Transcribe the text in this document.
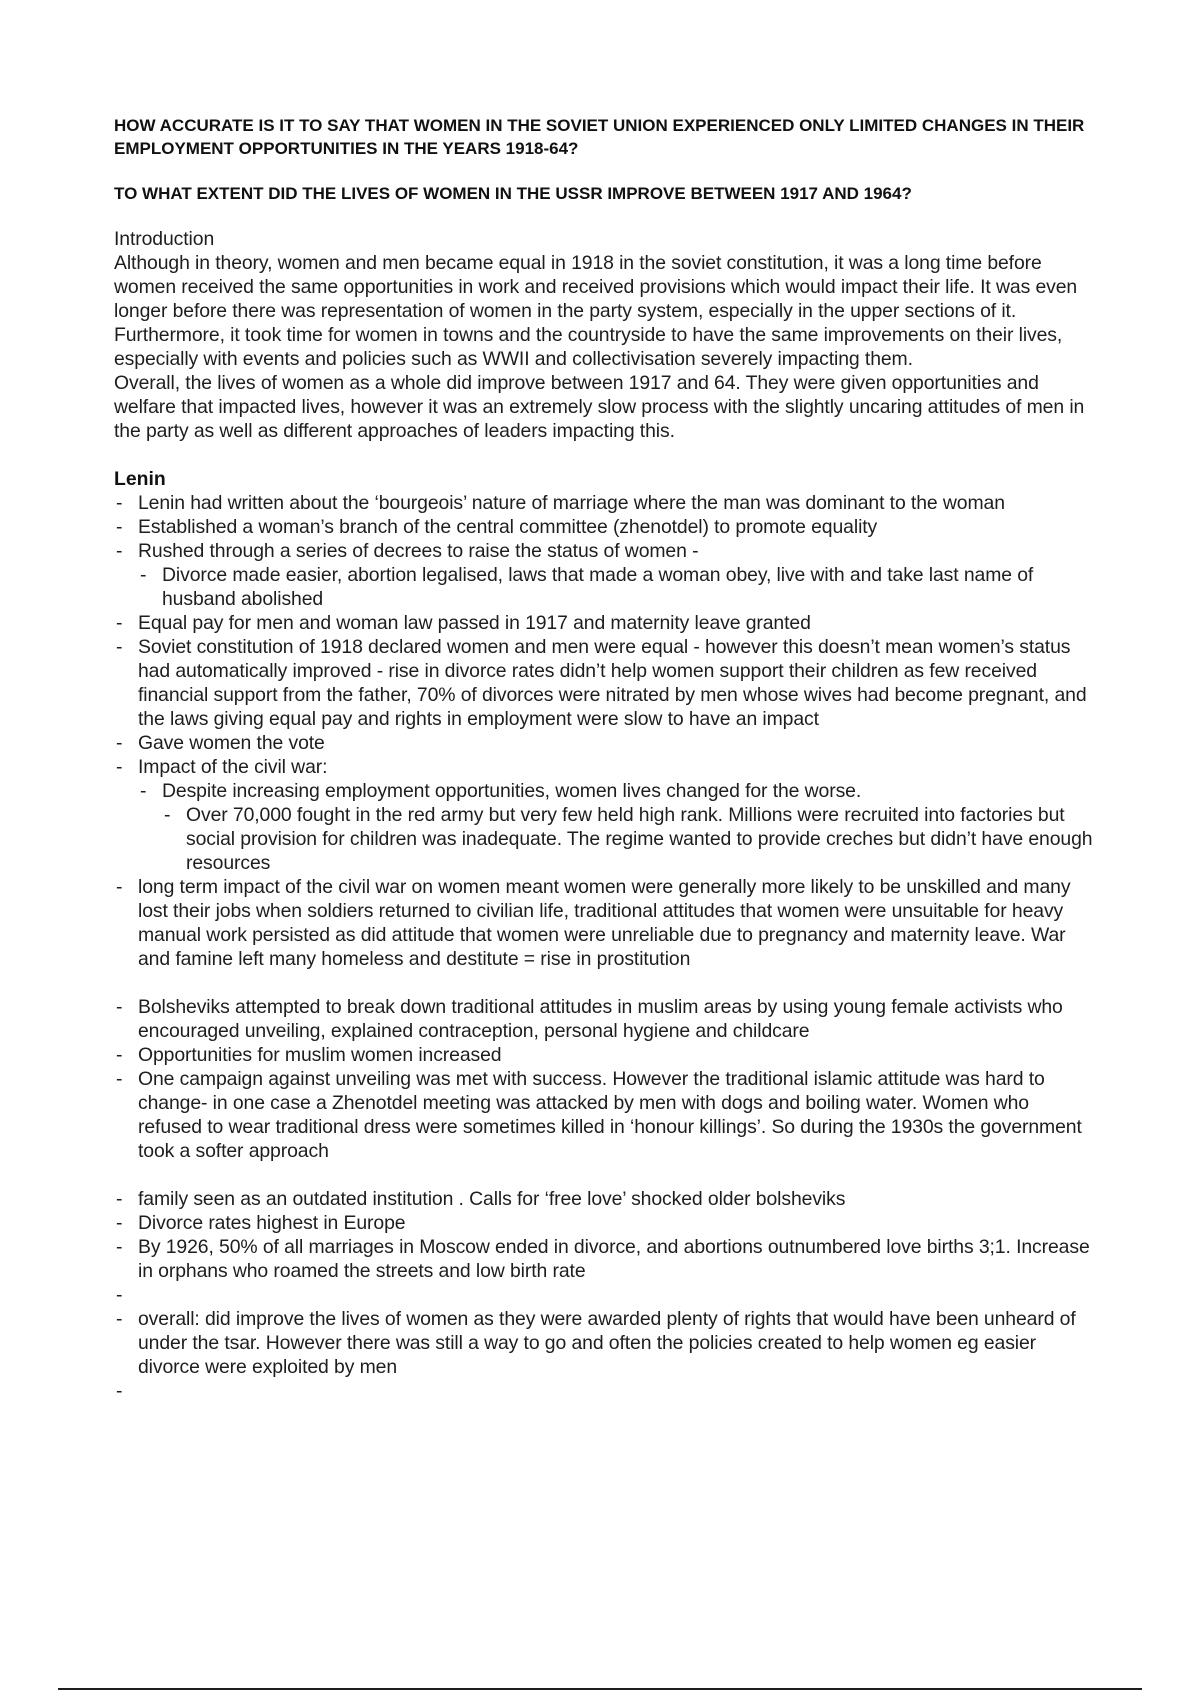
HOW ACCURATE IS IT TO SAY THAT WOMEN IN THE SOVIET UNION EXPERIENCED ONLY LIMITED CHANGES IN THEIR EMPLOYMENT OPPORTUNITIES IN THE YEARS 1918-64?

TO WHAT EXTENT DID THE LIVES OF WOMEN IN THE USSR IMPROVE BETWEEN 1917 AND 1964?

Introduction

Although in theory, women and men became equal in 1918 in the soviet constitution, it was a long time before women received the same opportunities in work and received provisions which would impact their life. It was even longer before there was representation of women in the party system, especially in the upper sections of it. Furthermore, it took time for women in towns and the countryside to have the same improvements on their lives, especially with events and policies such as WWII and collectivisation severely impacting them.

Overall, the lives of women as a whole did improve between 1917 and 64. They were given opportunities and welfare that impacted lives, however it was an extremely slow process with the slightly uncaring attitudes of men in the party as well as different approaches of leaders impacting this.

Lenin
- Lenin had written about the ‘bourgeois’ nature of marriage where the man was dominant to the woman
- Established a woman’s branch of the central committee (zhenotdel) to promote equality
- Rushed through a series of decrees to raise the status of women -
- Divorce made easier, abortion legalised, laws that made a woman obey, live with and take last name of husband abolished
- Equal pay for men and woman law passed in 1917 and maternity leave granted
- Soviet constitution of 1918 declared women and men were equal - however this doesn’t mean women’s status had automatically improved - rise in divorce rates didn’t help women support their children as few received financial support from the father, 70% of divorces were nitrated by men whose wives had become pregnant, and the laws giving equal pay and rights in employment were slow to have an impact
- Gave women the vote
- Impact of the civil war:
- Despite increasing employment opportunities, women lives changed for the worse.
- Over 70,000 fought in the red army but very few held high rank. Millions were recruited into factories but social provision for children was inadequate. The regime wanted to provide creches but didn’t have enough resources
- long term impact of the civil war on women meant women were generally more likely to be unskilled and many lost their jobs when soldiers returned to civilian life, traditional attitudes that women were unsuitable for heavy manual work persisted as did attitude that women were unreliable due to pregnancy and maternity leave. War and famine left many homeless and destitute = rise in prostitution
- Bolsheviks attempted to break down traditional attitudes in muslim areas by using young female activists who encouraged unveiling, explained contraception, personal hygiene and childcare
- Opportunities for muslim women increased
- One campaign against unveiling was met with success. However the traditional islamic attitude was hard to change- in one case a Zhenotdel meeting was attacked by men with dogs and boiling water. Women who refused to wear traditional dress were sometimes killed in ‘honour killings’. So during the 1930s the government took a softer approach
- family seen as an outdated institution . Calls for ‘free love’ shocked older bolsheviks
- Divorce rates highest in Europe
- By 1926, 50% of all marriages in Moscow ended in divorce, and abortions outnumbered love births 3;1. Increase in orphans who roamed the streets and low birth rate
-
- overall: did improve the lives of women as they were awarded plenty of rights that would have been unheard of under the tsar. However there was still a way to go and often the policies created to help women eg easier divorce were exploited by men
-
